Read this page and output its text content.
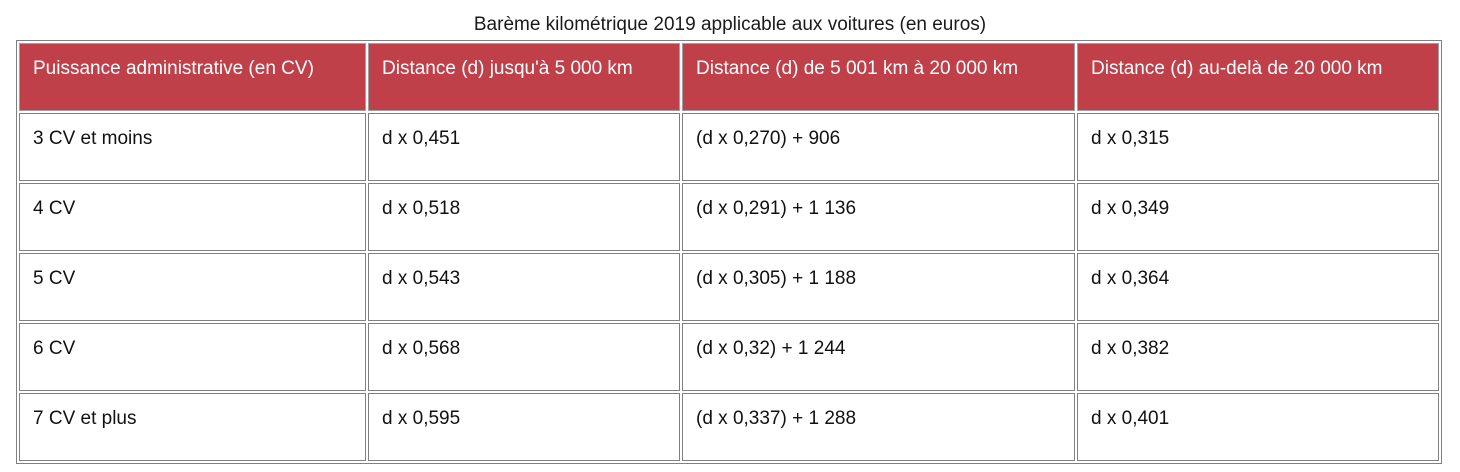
Barème kilométrique 2019 applicable aux voitures (en euros)
Puissance administrative (en CV)	Distance (d) jusqu'à 5 000 km	Distance (d) de 5 001 km à 20 000 km	Distance (d) au-delà de 20 000 km
3 CV et moins	d x 0,451	(d x 0,270) + 906	d x 0,315
4 CV	d x 0,518	(d x 0,291) + 1 136	d x 0,349
5 CV	d x 0,543	(d x 0,305) + 1 188	d x 0,364
6 CV	d x 0,568	(d x 0,32) + 1 244	d x 0,382
7 CV et plus	d x 0,595	(d x 0,337) + 1 288	d x 0,401
